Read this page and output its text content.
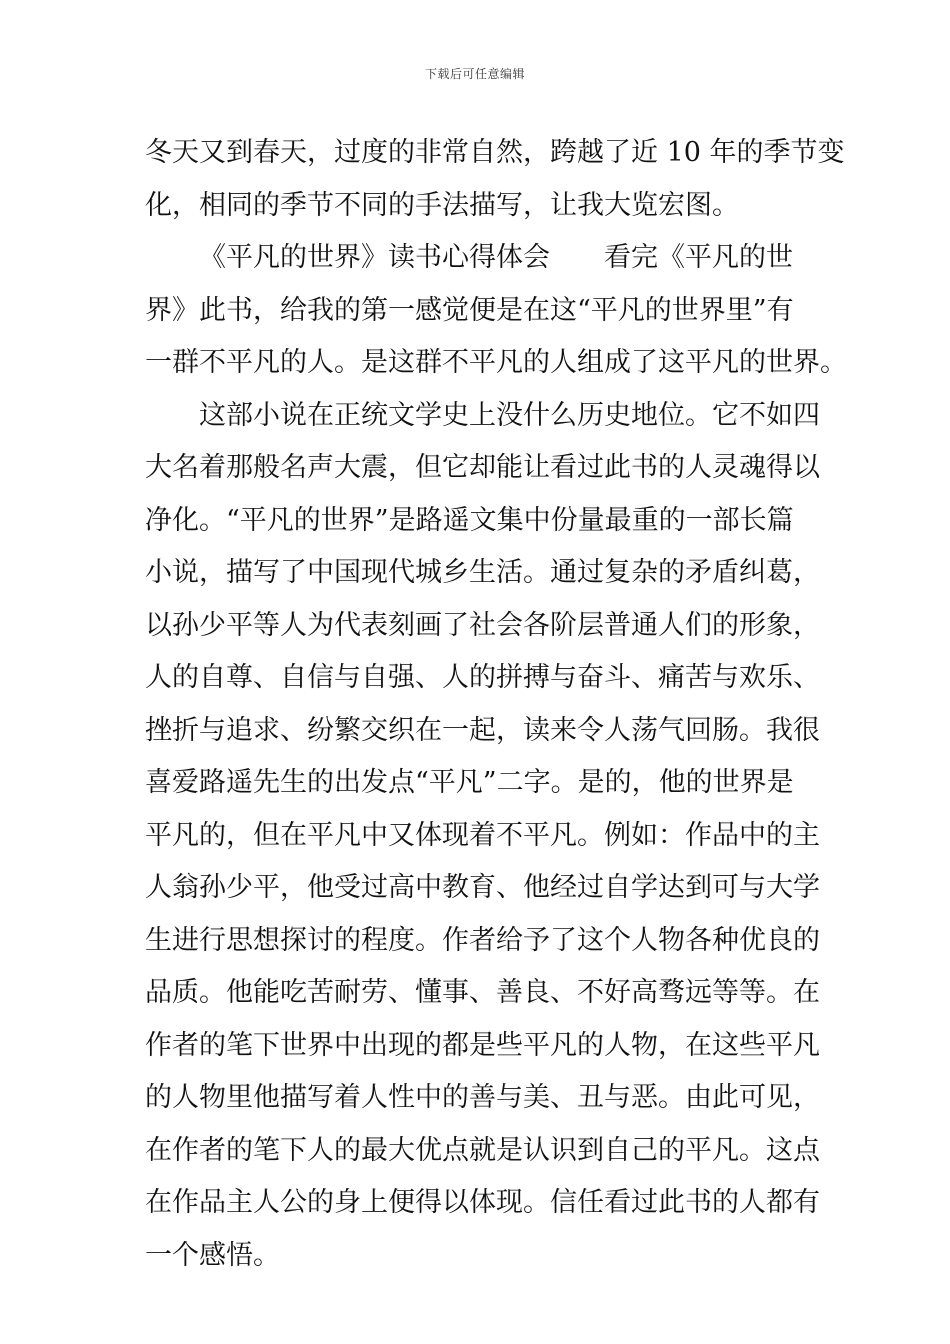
下载后可任意编辑
冬天又到春天，过度的非常自然，跨越了近 10 年的季节变
化，相同的季节不同的手法描写，让我大览宏图。
《平凡的世界》读书心得体会　　看完《平凡的世
界》此书，给我的第一感觉便是在这“平凡的世界里”有
一群不平凡的人。是这群不平凡的人组成了这平凡的世界。
这部小说在正统文学史上没什么历史地位。它不如四
大名着那般名声大震，但它却能让看过此书的人灵魂得以
净化。“平凡的世界”是路遥文集中份量最重的一部长篇
小说，描写了中国现代城乡生活。通过复杂的矛盾纠葛，
以孙少平等人为代表刻画了社会各阶层普通人们的形象，
人的自尊、自信与自强、人的拼搏与奋斗、痛苦与欢乐、
挫折与追求、纷繁交织在一起，读来令人荡气回肠。我很
喜爱路遥先生的出发点“平凡”二字。是的，他的世界是
平凡的，但在平凡中又体现着不平凡。例如：作品中的主
人翁孙少平，他受过高中教育、他经过自学达到可与大学
生进行思想探讨的程度。作者给予了这个人物各种优良的
品质。他能吃苦耐劳、懂事、善良、不好高骛远等等。在
作者的笔下世界中出现的都是些平凡的人物，在这些平凡
的人物里他描写着人性中的善与美、丑与恶。由此可见，
在作者的笔下人的最大优点就是认识到自己的平凡。这点
在作品主人公的身上便得以体现。信任看过此书的人都有
一个感悟。
